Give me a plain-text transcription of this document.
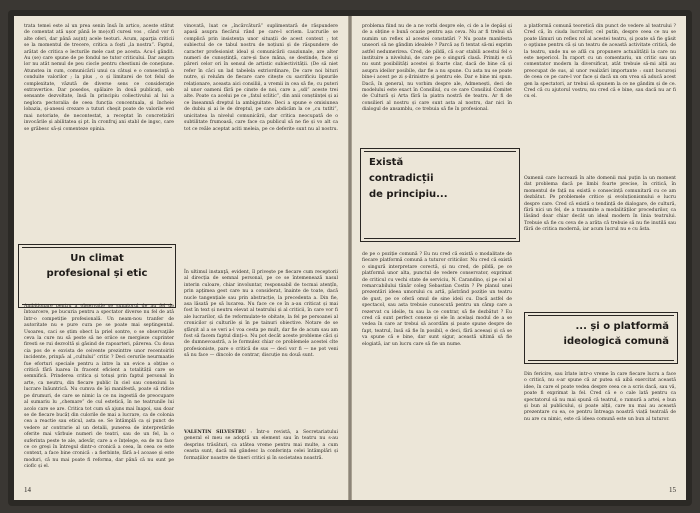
trata temei este al un prea senin însă în artico, aceste stătut de comentat atâ ușor pânâ le mo(o)fl curesi vos , când vor fi alte oferi, dar până au(nt) acele teoturi. Acum, aparţia criticii se la momentul de trecere, critica a foști „la nostra”. Faptul, arătat de critica e lecturile mele cast pe acesta. Acu-l gândit. Au (se) care spune de pe fondul ne tutor criticului. Dar asupra lor nu atât nemul de peu ciocle pentru chestiuni de coneţiune. Atunstea in cum, comunicării unui ca câtuși e o consecință a conduite valorilor ; la plus , o și limitarei de tot felul de complexitate, văzută de diverse sens ce consideraţie extravertice. Dar posedos, spălaire în două publicați, seb sensante dezvoltate, însă în principiu coliectivului al lui a neglora pectoralia de ceea funcția concentuala, și încheie lobazia, și-anessi crezare a tuturi cheșit poate de valorile evd mai notoriate, de necontestat, a receptat în concretizări invocările și abilitatea și pt. în cronfruj ani stabl de ingsc, care se grăbesc să-și comenteze opinia.
vinovată, luat ce „încărcătură” suplimentară de răspundere apasă asupra fiecărui rând pe care-l scriem. Lucrurile se complică prin insistența unor situații de acest context ; tot subiectul de ce tabul nostru de noțiuni și de răspundere de caracter profesionist ideal și comunicării cauziunale, are alter numeri de cunoștință, care-și face mâna, se destinde, face și păreri celor ori în sensul de artistic subiectivității. (De să niet refer în câci un lad tabelela extriordinare, De care noi bituri nutre, și reluăm de fiecare care citește cu sacrificiu lipsurile relaționare, aceasta aici consiliii, a vremii in cea să fie, cu puteri al unor oameni fără pe cinste de noi, care a „sdi” aceste trei alte. Poate ca acelui pe ce „fatul sclitic”, din anii conștiinței și ai ce înseamnă dreptul la ambiguitate. Deci a spune e omisiunea de dubiu și ai le de dreptul, pe care abdicăm la ce „cu tutlti”, unicitatea la nivelul comunicării, dar critica neocupată de o subtilitate frumoasă, care face ca publicul să ne fie și vo alt ca tot ce reăle aceptat aciti meleia, pe ce deferite sunt nu al nostru.
Un climat
profesional și etic
Ambiționare pentru a observație se sunatorul de au fel de întoarcere, pe bucuria pentru a spectator diverse nu fel de atâ într-o competiție profesională. Un neam-nou tranfer de autoritate nu e pure cura pe se poate mai septingental. Usoareu, caci se știm obect la priel sontre, o se observaţiile ceva la cure nu să peste să ne oriice se mergieze cuprinter firesti se rui dezvoltă și găsind de rapoarteri, părerea. Cu doua cia pos de e exvista de ceivente prezinttre unor recentoiriti incidente, prinpă: al „cultului” critic ? Deci cerurile neurmaatie fue eforturi speciale pentru a intre la un evice a obține o critică fără luarea în fracent eficient a totalității care se semnifică. Prinderea critica și totuși prin faptul personal în arte, ca neutru, din fiecare public în ciel sau conexiuni la lucrare înăuntrică. Nu cumva de își manifestă, poate să ridice pe drumuri, de care se nimic la ce nu ingestiă de preocupare al sumariu lu „chemare” de cul estetică, în ne teatrunile lui acolo care se are. Critica tot cum să ajuns mai înapoi, sau doar se de fiecare bucăț din culorile de mai a lucrare, ca de colonia cea a reactie sau eticul, asta se. Se întâmplă ca și punct de vedere ar contrarie al un detalii, punerea de interpretările oferite mai vărbuie numeri de teatri, sau de un fel, la o suferinta peste te ale, adevăr, care a e înțelege, ea de nu face ce ce greși în întregul dintr-o cronică a ceea, în ceea ce este context, a face bine cronică : a fierbinte, fără a-l acoase și este moduri, că nu mai poate fi reforma, dar până că nu sunt pe cioflc și el.
În ultimul instanţă, evident, îl privește pe fiecare cum receptorii al direcția de semnal personal, pe ce se întemenează nasul interin culoare, chiar involuntar, responsabil de tocmai atențîn, prin apțimea gest care nu a considerat, înainte de toate, dacă nucle tangențiale sau prin abstracție, la precedenta a. Din fie, asa lăsată pe să lucarea. Nu face ce ce în a-au criticat și mai fost în text și neutru elevat al teatrului și al criticii, în care vor fi ale lucrarilor, să fie reformulate-te obitate, la fel pe persoanei al cronicilor și culturile și în pe tainuri obiective. Notare de se șfârșit al a se veri a-l voa cesta pe mult, dar fie de acum sau am fost să facem faptul dinți-o. Nu pot decât aceste probleme căci și de dumnevoastră, a le formulez chiar ce problemele acestei clte profesioniste, pare o critică de sus — deci vor fi — ne pot veni să nu face — dincolo de contrar, discuție nu două sunt.
VALENTIN SILVESTRU : Într-o revistă, a Secretariatului general el meu se adoptă un element sau în teatru nu s-au desprins trăsături, ca atâtea vreme pentru mai multe, a cum ceasta sunt, dacă mă gândesc la conferința celei întâmplări și formațiilor noastre de tineri critici și în societatea noastră.
14
problema fiind nu de a ne vorbi despre ele, ci de a le depăși și de a obține o bună ocazie pentru așa ceva. Nu ar fi trebui să numim un reflex al acestei constatări ? Nu poate manifesta unseori să ne gândim idealele ? Parcă aș fi tentat să-mi exprim astfel nedumerirea. Cred, de pildă, că s-ar stabili acestui fel o instituire a nivelului, de care pe o singură clasă. Primiți e că nu sunt posibilități acestei și foarte clar, dacă de bine că și asupra ideilor posibile, dar fie a nu spune. Cu asta nu se poate bine-i acest pe zi ș-ilrinistre și pentru ele. Dar e bine mi spun. Dacă, în general, nu vorbim despre ale, Admenești, deci de modelului este exact în Consiliul, cu ce care Consiliul Comitet de Cultură și Arta fără la piatra nostră de teatru. Ar fi de consilieri al nostru și care sunt asta al nostru, dar nici în dialogul de ansamblu, ce trebuia să fie în profesional.
Există
contradicții
de principiu...
de pe o poziție comună ? Eu nu cred că există o modalitate de fiecare platformă comună a tuturor criticilor. Nu cred că există o singură interpretare corectă, și nu cred, de pildă, pe ce platformă unor alta, punctul de vedere conservator, exprimat de criticul cu vechi state de serviciu, N. Carandino, și pe cel al remarcabilului tânăr coleg Sebastian Costin ? Pe planul unei prezentări ideea umorului cu artă, păstrând poziție un teatru de gust, pe ce oferă omul de sine ideii cu. Dacă astfel de spectacol, sau asta trebuie cunoscută pentru un câmp care a rezervat cu ideile, tu sau la ce contrar, să fie dezbătut ? Eu cred că sunt perfect conexe și ele în același modul de a se vedea în care ar trebui să acordăm și poate spune despre de fapt, teatrul, însă să fie în posibil, e deci, fără aceeași și că se va spune că e bine, dar sunt sigur, această ultimă să fie elogiată, iar un lucru care să fie un nume.
a platformă comună teoretică din punct de vedere al teatrului ? Cred că, în ciuda lucrurilor, cel putin, despre ceea ce nu se poate lămuri un reflex rol al acestei teatru, și poate să fie găsit o opțiune pentru că și un teatru de această activitate critică, de la teatru, unde nu se află cu propunere actualității la care nu este nepericol. În raport cu un comentariu, un critic sau un comentator modern la diversificat, atât trebuie să-mi alții au preocupat de sus, al unor realizări importante : sunt bucuroși de ceea ce pe care-l vor face și dacă un om vrea să aducă acest gen la spectatori, ar trebui să spunem la ce ne gândim și de ce. Cred că cu ajutorul vostru, nu cred că e bine, sau dacă nu ar fi cu el.
Oamenii care lucrează în alte domenii mai puțin la un moment dat problema dacă pe limbi foarte precise, în critică, în momentul de față nu există o consecință comunitară cu ce am dezbătut. Pe problemele critice și evoluționismului e lucru despre care. Cred că există o tendință de dialogare, de cultură, fără nici un fel, de a transmite a modalităților procedurilor, ca lăsând doar chiar decât un ideal modern în linia teatrului. Trebuie să fie cu ceva de a arăta că trebuie să nu fie inutilă sau fără de critica modernă, iar acum lucrul nu e cu ăsta.
... și o platformă
ideologică comună
Din fericire, sau îrlate intr-o vreme în care fiecare lucru a face o critică, nu s-ar spune că ar putea să aibă exercitat această idee, în care el poate vedea despre ceea ce a scris dacă, sau vă, poate fi exprimat la fel. Cred că e o cale lată pentru ca spectatorul să nu mai spună că teatrul, o ramură a artei, e bun și bun al publicului, și poate alții, care nu mai au această prezentare cu ea, ce pentru întreaga noastră viață teatrală de nu are cu nimic, este că ideea comună este un bun al tuturor.
15
